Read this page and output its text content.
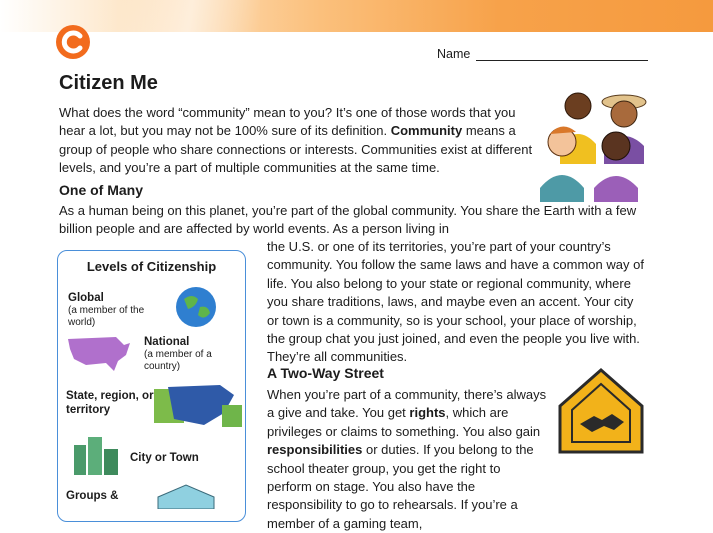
Name
Citizen Me

What does the word “community” mean to you? It’s one of those words that you hear a lot, but you may not be 100% sure of its definition. Community means a group of people who share connections or interests. Communities exist at different levels, and you’re a part of multiple communities at the same time.

One of Many

As a human being on this planet, you’re part of the global community. You share the Earth with a few billion people and are affected by world events. As a person living in

the U.S. or one of its territories, you’re part of your country’s community. You follow the same laws and have a common way of life. You also belong to your state or regional community, where you share traditions, laws, and maybe even an accent. Your city or town is a community, so is your school, your place of worship, the group chat you just joined, and even the people you live with. They’re all communities.

A Two-Way Street

When you’re part of a community, there’s always a give and take. You get rights, which are privileges or claims to something. You also gain responsibilities or duties. If you belong to the school theater group, you get the right to perform on stage. You also have the responsibility to go to rehearsals. If you’re a member of a gaming team,

Levels of Citizenship
Global
(a member of the world)
National
(a member of a country)
State, region, or territory
City or Town
Groups &
